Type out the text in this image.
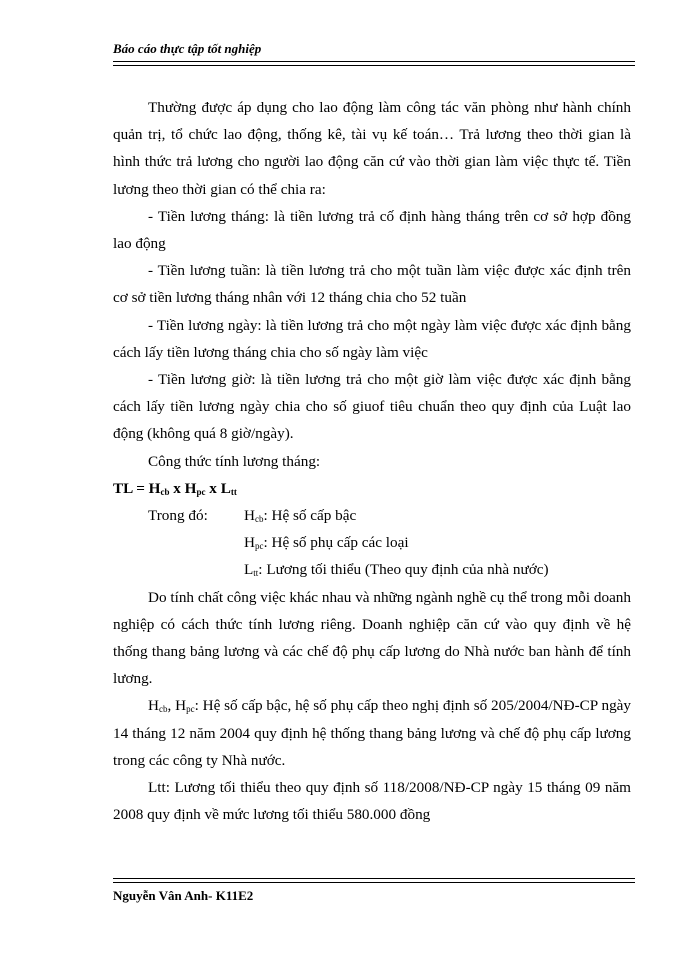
Báo cáo thực tập tốt nghiệp

Thường được áp dụng cho lao động làm công tác văn phòng như hành chính quản trị, tổ chức lao động, thống kê, tài vụ kế toán… Trả lương theo thời gian là hình thức trả lương cho người lao động căn cứ vào thời gian làm việc thực tế. Tiền lương theo thời gian có thể chia ra:

- Tiền lương tháng: là tiền lương trả cố định hàng tháng trên cơ sở hợp đồng lao động

- Tiền lương tuần: là tiền lương trả cho một tuần làm việc được xác định trên cơ sở tiền lương tháng nhân với 12 tháng chia cho 52 tuần

- Tiền lương ngày: là tiền lương trả cho một ngày làm việc được xác định bằng cách lấy tiền lương tháng chia cho số ngày làm việc

- Tiền lương giờ: là tiền lương trả cho một giờ làm việc được xác định bằng cách lấy tiền lương ngày chia cho số giuof tiêu chuẩn theo quy định của Luật lao động (không quá 8 giờ/ngày).

Công thức tính lương tháng:

TL = $H_{cb}$ x $H_{pc}$ x $L_{tt}$

Trong đó:	$H_{cb}$: Hệ số cấp bậc
$H_{pc}$: Hệ số phụ cấp các loại
$L_{tt}$: Lương tối thiểu (Theo quy định của nhà nước)

Do tính chất công việc khác nhau và những ngành nghề cụ thể trong mỗi doanh nghiệp có cách thức tính lương riêng. Doanh nghiệp căn cứ vào quy định về hệ thống thang bảng lương và các chế độ phụ cấp lương do Nhà nước ban hành để tính lương.

$H_{cb}$, $H_{pc}$: Hệ số cấp bậc, hệ số phụ cấp theo nghị định số 205/2004/NĐ-CP ngày 14 tháng 12 năm 2004 quy định hệ thống thang bảng lương và chế độ phụ cấp lương trong các công ty Nhà nước.

Ltt: Lương tối thiểu theo quy định số 118/2008/NĐ-CP ngày 15 tháng 09 năm 2008 quy định về mức lương tối thiểu 580.000 đồng

Nguyễn Vân Anh- K11E2
